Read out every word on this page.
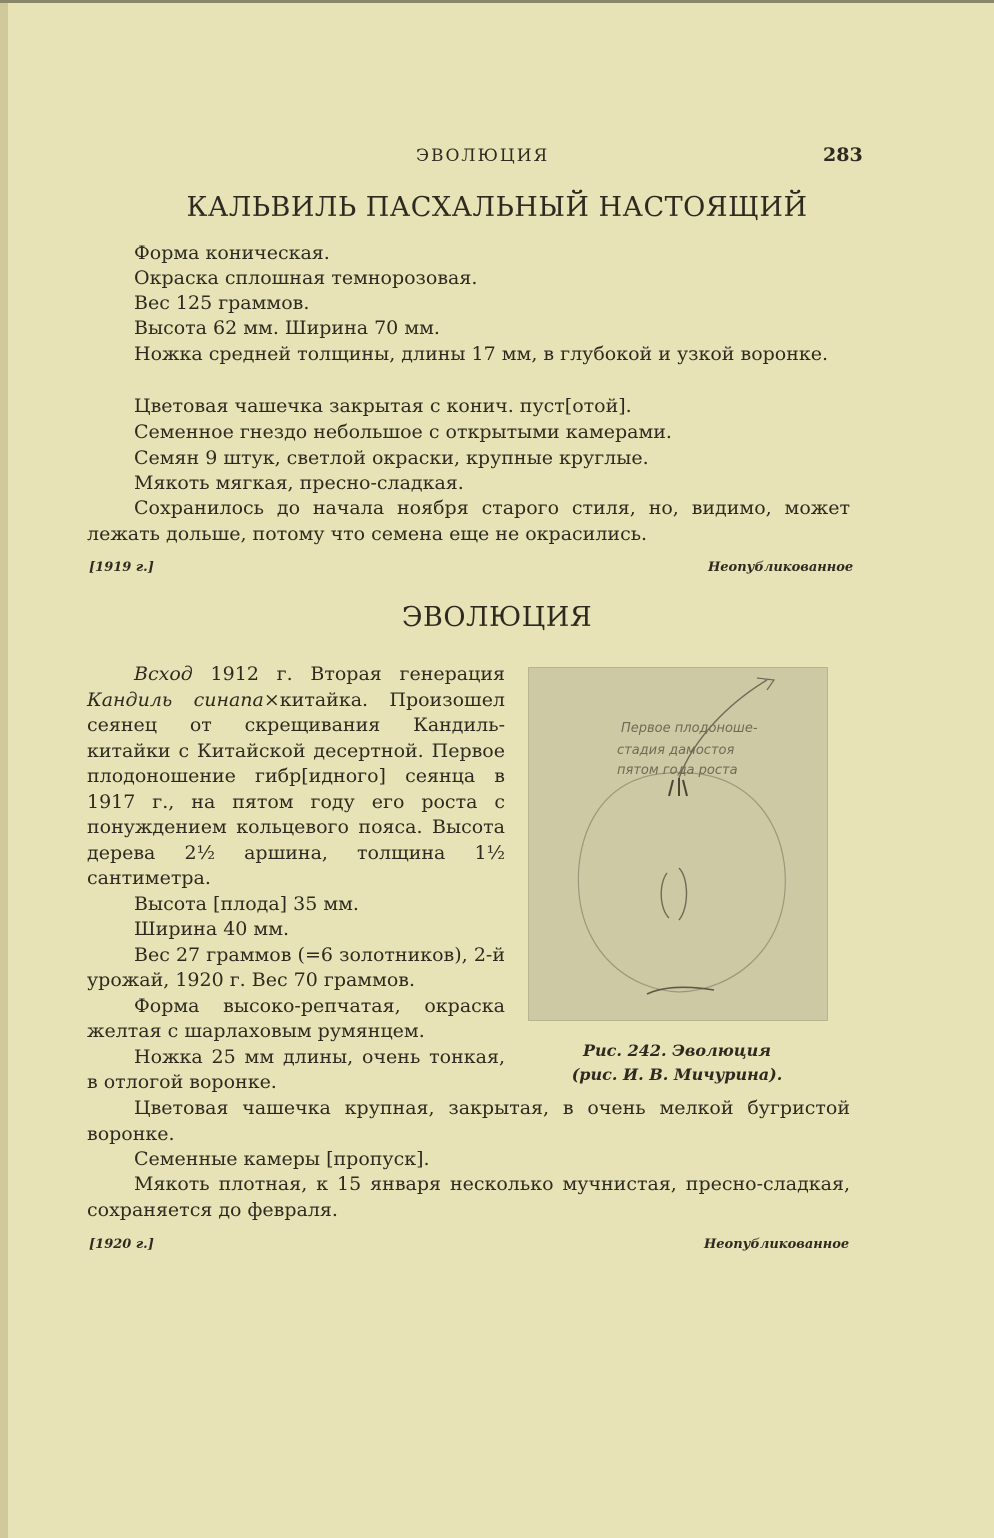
ЭВОЛЮЦИЯ	283
КАЛЬВИЛЬ ПАСХАЛЬНЫЙ НАСТОЯЩИЙ

Форма коническая.

Окраска сплошная темнорозовая.

Вес 125 граммов.

Высота 62 мм. Ширина 70 мм.

Ножка средней толщины, длины 17 мм, в глубокой и узкой воронке.

Цветовая чашечка закрытая с конич. пуст[отой].

Семенное гнездо небольшое с открытыми камерами.

Семян 9 штук, светлой окраски, крупные круглые.

Мякоть мягкая, пресно-сладкая.

Сохранилось до начала ноября старого стиля, но, видимо, может лежать дольше, потому что семена еще не окрасились.

[1919 г.]	Неопубликованное
ЭВОЛЮЦИЯ

Всход 1912 г. Вторая генерация Кандиль синапа×китайка. Произошел сеянец от скрещивания Кандиль-китайки с Китайской десертной. Первое плодоношение гибр[идного] сеянца в 1917 г., на пятом году его роста с понуждением кольцевого пояса. Высота дерева 2½ аршина, толщина 1½ сантиметра.

Высота [плода] 35 мм.

Ширина 40 мм.

Вес 27 граммов (=6 золотников), 2-й урожай, 1920 г. Вес 70 граммов.

Форма высоко-репчатая, окраска желтая с шарлаховым румянцем.

Ножка 25 мм длины, очень тонкая, в отлогой воронке.

Первое плодоноше-
стадия дамостоя
пятом года роста
Рис. 242. Эволюция
(рис. И. В. Мичурина).

Цветовая чашечка крупная, закрытая, в очень мелкой бугристой воронке.

Семенные камеры [пропуск].

Мякоть плотная, к 15 января несколько мучнистая, пресно-сладкая, сохраняется до февраля.

[1920 г.]	Неопубликованное
